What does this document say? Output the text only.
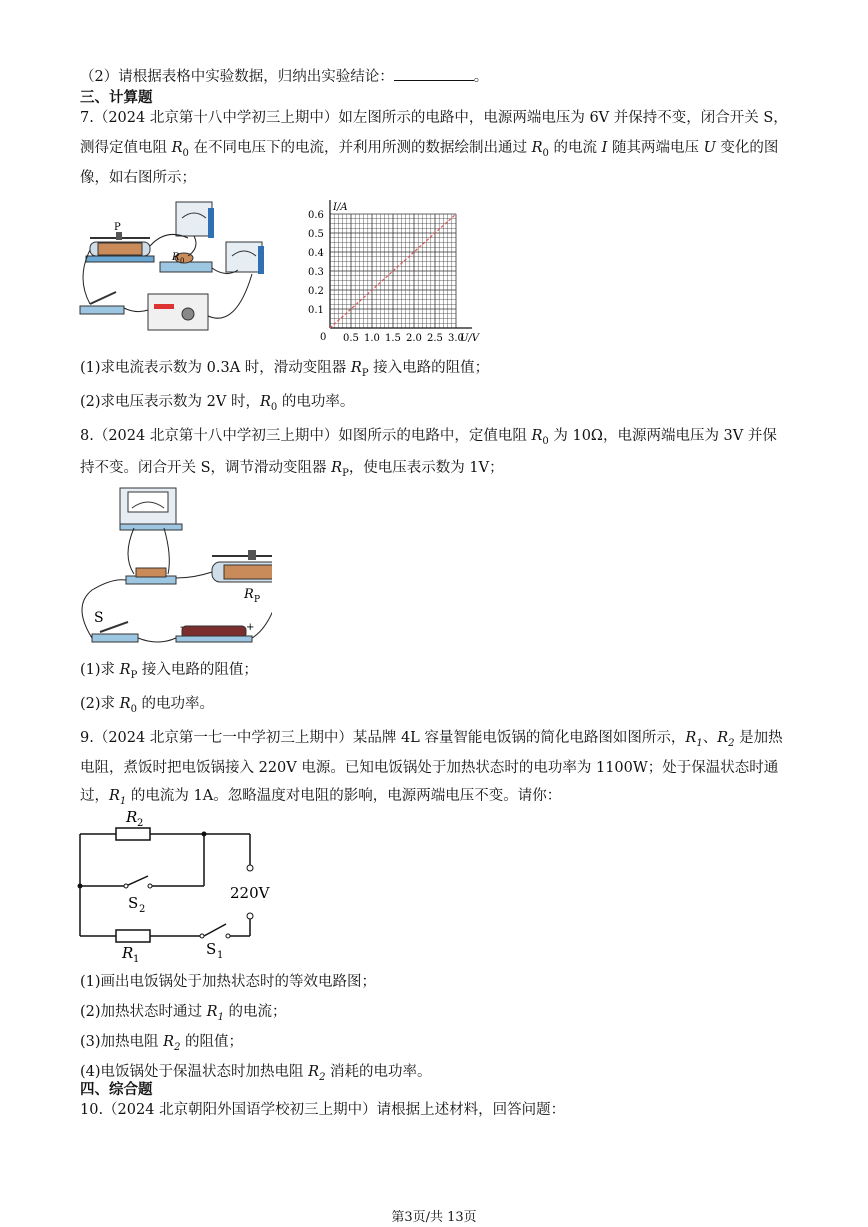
（2）请根据表格中实验数据，归纳出实验结论：	。
三、计算题
7.（2024 北京第十八中学初三上期中）如左图所示的电路中，电源两端电压为 6V 并保持不变，闭合开关 S，
测得定值电阻 $R_0$ 在不同电压下的电流，并利用所测的数据绘制出通过 $R_0$ 的电流 I 随其两端电压 U 变化的图
像，如右图所示；
P
R 0
0 0.5 1.0 1.5 2.0 2.5 3.0
0.1
0.2
0.3
0.4
0.5
0.6
U/V
I/A
(1)求电流表示数为 0.3A 时，滑动变阻器 $R_P$ 接入电路的阻值；
(2)求电压表示数为 2V 时，$R_0$ 的电功率。
8.（2024 北京第十八中学初三上期中）如图所示的电路中，定值电阻 $R_0$ 为 10Ω，电源两端电压为 3V 并保
持不变。闭合开关 S，调节滑动变阻器 $R_P$，使电压表示数为 1V；
R P
S
-	+
(1)求 $R_P$ 接入电路的阻值；
(2)求 $R_0$ 的电功率。
9.（2024 北京第一七一中学初三上期中）某品牌 4L 容量智能电饭锅的简化电路图如图所示，$R_1$、$R_2$ 是加热
电阻，煮饭时把电饭锅接入 220V 电源。已知电饭锅处于加热状态时的电功率为 1100W；处于保温状态时通
过，$R_1$ 的电流为 1A。忽略温度对电阻的影响，电源两端电压不变。请你：
R 2
S 2
220V
R 1
S 1
(1)画出电饭锅处于加热状态时的等效电路图；
(2)加热状态时通过 $R_1$ 的电流；
(3)加热电阻 $R_2$ 的阻值；
(4)电饭锅处于保温状态时加热电阻 $R_2$ 消耗的电功率。
四、综合题
10.（2024 北京朝阳外国语学校初三上期中）请根据上述材料，回答问题：
第3页/共 13页
